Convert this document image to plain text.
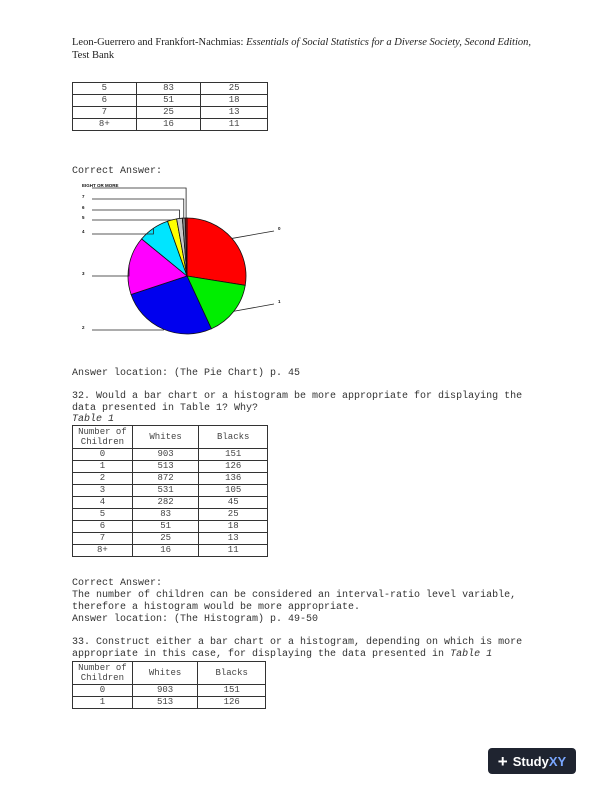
Leon-Guerrero and Frankfort-Nachmias: Essentials of Social Statistics for a Diverse Society, Second Edition, Test Bank
5	83	25
6	51	18
7	25	13
8+	16	11
Correct Answer:
0
1
2
3
4
5
6
7
EIGHT OR MORE
Answer location: (The Pie Chart) p. 45
32. Would a bar chart or a histogram be more appropriate for displaying the
data presented in Table 1? Why?
Table 1
Number of Children	Whites	Blacks
0	903	151
1	513	126
2	872	136
3	531	105
4	282	45
5	83	25
6	51	18
7	25	13
8+	16	11
Correct Answer:
The number of children can be considered an interval-ratio level variable,
therefore a histogram would be more appropriate.
Answer location: (The Histogram) p. 49-50
33. Construct either a bar chart or a histogram, depending on which is more
appropriate in this case, for displaying the data presented in Table 1
Number of Children	Whites	Blacks
0	903	151
1	513	126
+ Study XY
